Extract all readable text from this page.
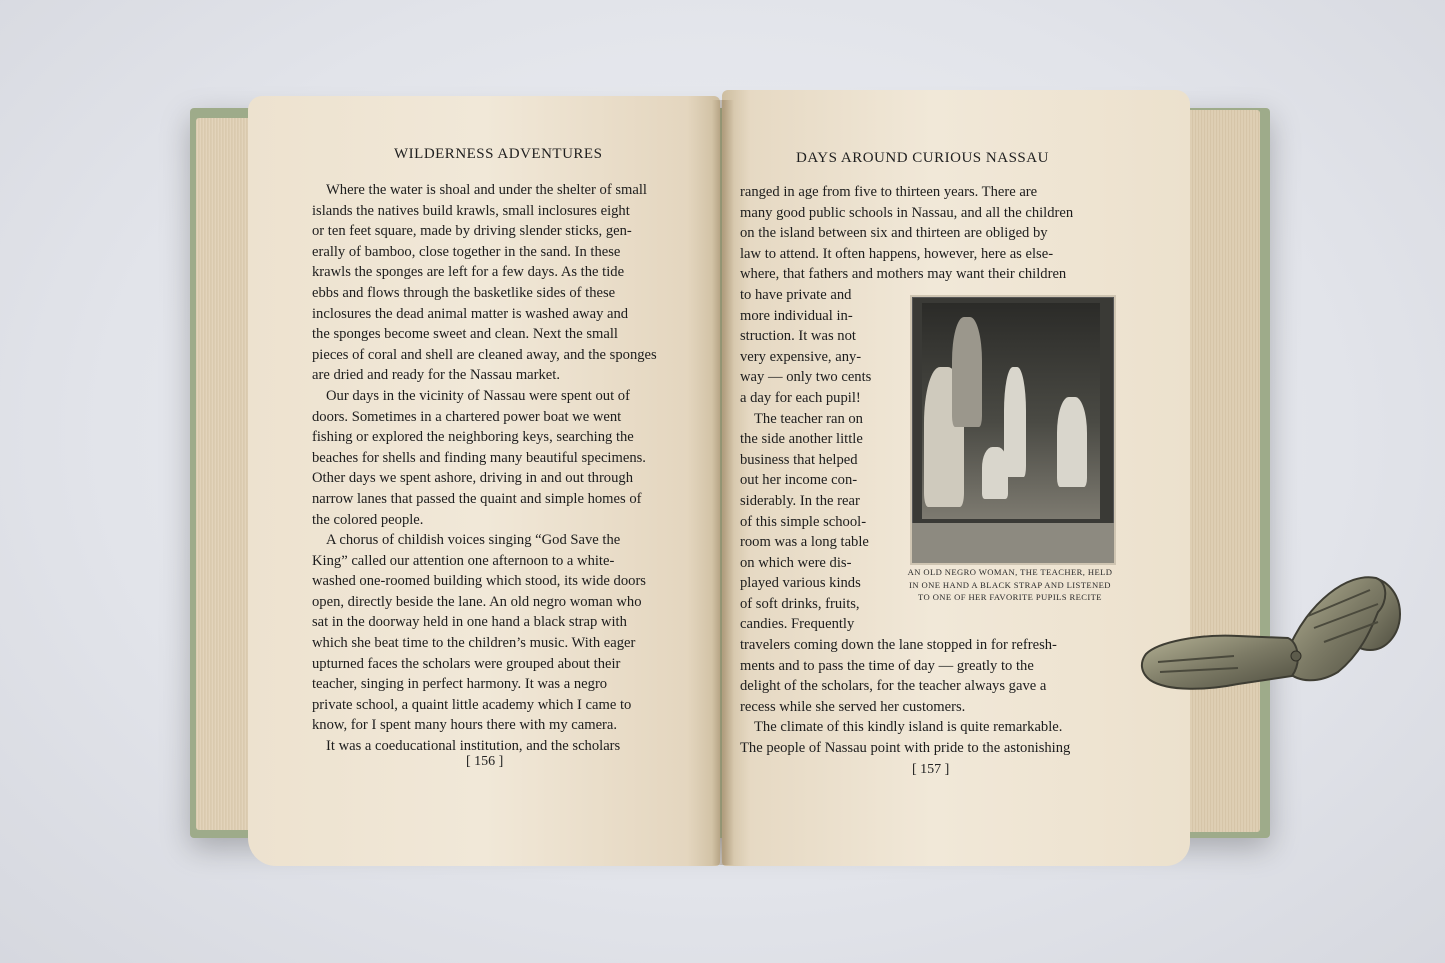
WILDERNESS ADVENTURES
Where the water is shoal and under the shelter of small
islands the natives build krawls, small inclosures eight
or ten feet square, made by driving slender sticks, gen-
erally of bamboo, close together in the sand. In these
krawls the sponges are left for a few days. As the tide
ebbs and flows through the basketlike sides of these
inclosures the dead animal matter is washed away and
the sponges become sweet and clean. Next the small
pieces of coral and shell are cleaned away, and the sponges
are dried and ready for the Nassau market.
Our days in the vicinity of Nassau were spent out of
doors. Sometimes in a chartered power boat we went
fishing or explored the neighboring keys, searching the
beaches for shells and finding many beautiful specimens.
Other days we spent ashore, driving in and out through
narrow lanes that passed the quaint and simple homes of
the colored people.
A chorus of childish voices singing “God Save the
King” called our attention one afternoon to a white-
washed one-roomed building which stood, its wide doors
open, directly beside the lane. An old negro woman who
sat in the doorway held in one hand a black strap with
which she beat time to the children’s music. With eager
upturned faces the scholars were grouped about their
teacher, singing in perfect harmony. It was a negro
private school, a quaint little academy which I came to
know, for I spent many hours there with my camera.
It was a coeducational institution, and the scholars
[ 156 ]
DAYS AROUND CURIOUS NASSAU
ranged in age from five to thirteen years. There are
many good public schools in Nassau, and all the children
on the island between six and thirteen are obliged by
law to attend. It often happens, however, here as else-
where, that fathers and mothers may want their children
to have private and
more individual in-
struction. It was not
very expensive, any-
way — only two cents
a day for each pupil!
The teacher ran on
the side another little
business that helped
out her income con-
siderably. In the rear
of this simple school-
room was a long table
on which were dis-
played various kinds
of soft drinks, fruits,
candies. Frequently
travelers coming down the lane stopped in for refresh-
ments and to pass the time of day — greatly to the
delight of the scholars, for the teacher always gave a
recess while she served her customers.
The climate of this kindly island is quite remarkable.
The people of Nassau point with pride to the astonishing
AN OLD NEGRO WOMAN, THE TEACHER, HELD IN ONE HAND A BLACK STRAP AND LISTENED TO ONE OF HER FAVORITE PUPILS RECITE
[ 157 ]
